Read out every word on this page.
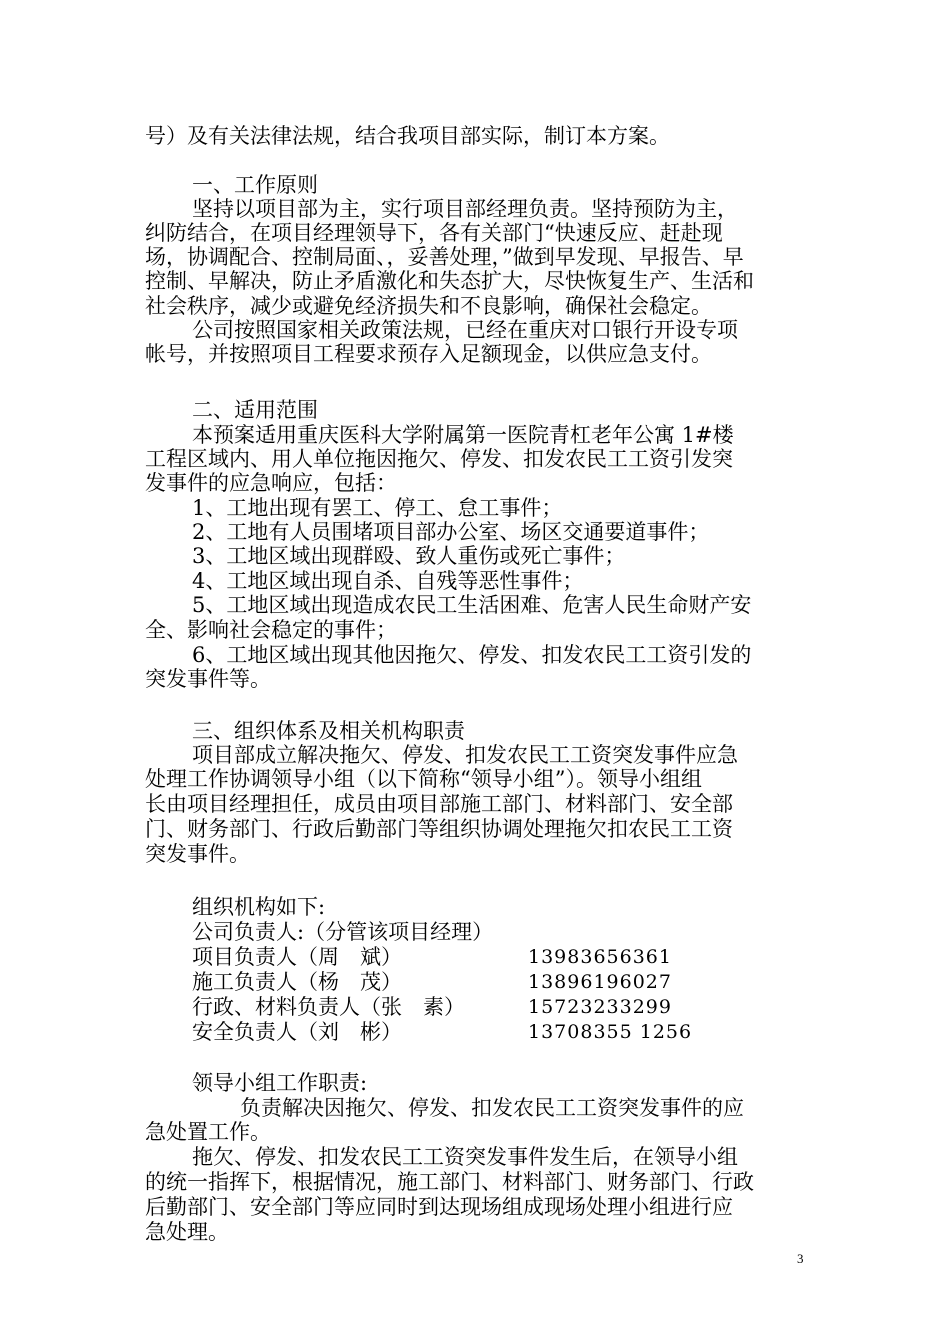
号）及有关法律法规，结合我项目部实际，制订本方案。
一、工作原则
坚持以项目部为主，实行项目部经理负责。坚持预防为主，
纠防结合，在项目经理领导下，各有关部门“快速反应、赶赴现
场，协调配合、控制局面、，妥善处理，”做到早发现、早报告、早
控制、早解决，防止矛盾激化和失态扩大，尽快恢复生产、生活和
社会秩序，减少或避免经济损失和不良影响，确保社会稳定。
公司按照国家相关政策法规，已经在重庆对口银行开设专项
帐号，并按照项目工程要求预存入足额现金，以供应急支付。
二、适用范围
本预案适用重庆医科大学附属第一医院青杠老年公寓 1#楼
工程区域内、用人单位拖因拖欠、停发、扣发农民工工资引发突
发事件的应急响应，包括：
1、工地出现有罢工、停工、怠工事件；
2、工地有人员围堵项目部办公室、场区交通要道事件；
3、工地区域出现群殴、致人重伤或死亡事件；
4、工地区域出现自杀、自残等恶性事件；
5、工地区域出现造成农民工生活困难、危害人民生命财产安
全、影响社会稳定的事件；
6、工地区域出现其他因拖欠、停发、扣发农民工工资引发的
突发事件等。
三、组织体系及相关机构职责
项目部成立解决拖欠、停发、扣发农民工工资突发事件应急
处理工作协调领导小组（以下简称“领导小组”）。领导小组组
长由项目经理担任，成员由项目部施工部门、材料部门、安全部
门、财务部门、行政后勤部门等组织协调处理拖欠扣农民工工资
突发事件。
组织机构如下:
公司负责人:（分管该项目经理）
项目负责人（周　斌）	13983656361
施工负责人（杨　茂）	13896196027
行政、材料负责人（张　素）	15723233299
安全负责人（刘　彬）	13708355 1256
领导小组工作职责:
负责解决因拖欠、停发、扣发农民工工资突发事件的应
急处置工作。
拖欠、停发、扣发农民工工资突发事件发生后，在领导小组
的统一指挥下，根据情况，施工部门、材料部门、财务部门、行政
后勤部门、安全部门等应同时到达现场组成现场处理小组进行应
急处理。
3
